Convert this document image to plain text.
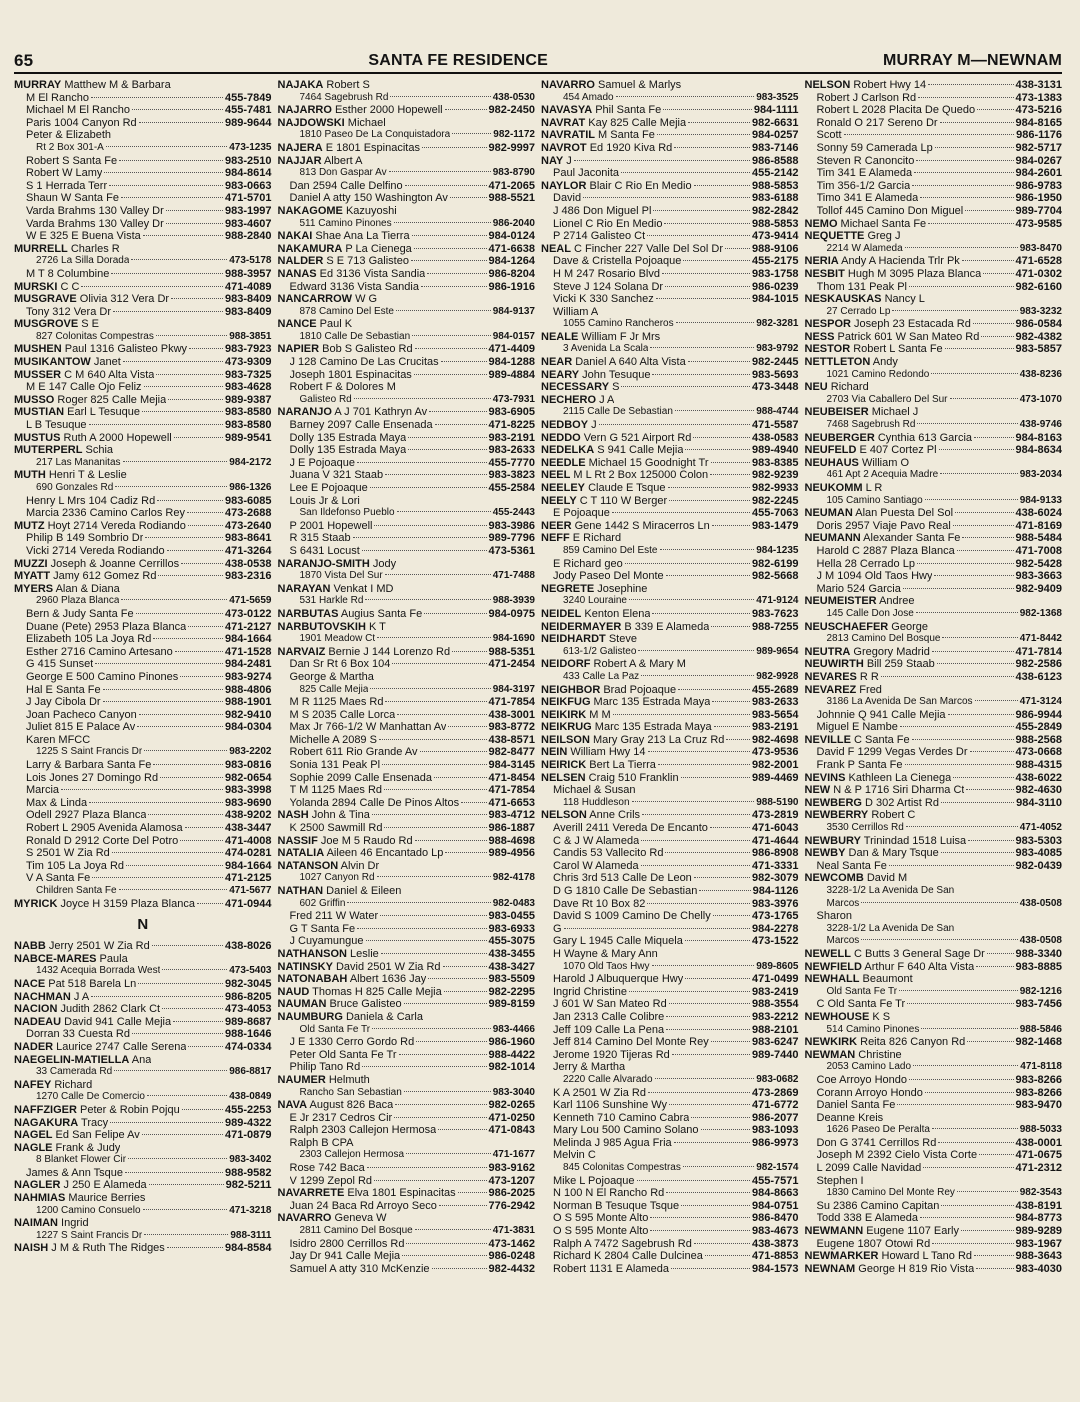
65	SANTA FE RESIDENCE	MURRAY M—NEWNAM
MURRAY Matthew M & Barbara
M El Rancho	455-7849
Michael M El Rancho	455-7481
Paris 1004 Canyon Rd	989-9644
Peter & Elizabeth
Rt 2 Box 301-A	473-1235
Robert S Santa Fe	983-2510
Robert W Lamy	984-8614
S 1 Herrada Terr	983-0663
Shaun W Santa Fe	471-5701
Varda Brahms 130 Valley Dr	983-1997
Varda Brahms 130 Valley Dr	983-4607
W E 325 E Buena Vista	988-2840
MURRELL Charles R
2726 La Silla Dorada	473-5178
M T 8 Columbine	988-3957
MURSKI C C	471-4089
MUSGRAVE Olivia 312 Vera Dr	983-8409
Tony 312 Vera Dr	983-8409
MUSGROVE S E
827 Colonitas Compestras	988-3851
MUSHEN Paul 1316 Galisteo Pkwy	983-7923
MUSIKANTOW Janet	473-9309
MUSSER C M 640 Alta Vista	983-7325
M E 147 Calle Ojo Feliz	983-4628
MUSSO Roger 825 Calle Mejia	989-9387
MUSTIAN Earl L Tesuque	983-8580
L B Tesuque	983-8580
MUSTUS Ruth A 2000 Hopewell	989-9541
MUTERPERL Schia
217 Las Mananitas	984-2172
MUTH Henri T & Leslie
690 Gonzales Rd	986-1326
Henry L Mrs 104 Cadiz Rd	983-6085
Marcia 2336 Camino Carlos Rey	473-2688
MUTZ Hoyt 2714 Vereda Rodiando	473-2640
Philip B 149 Sombrio Dr	983-8641
Vicki 2714 Vereda Rodiando	471-3264
MUZZI Joseph & Joanne Cerrillos	438-0538
MYATT Jamy 612 Gomez Rd	983-2316
MYERS Alan & Diana
2960 Plaza Blanca	471-5659
Bern & Judy Santa Fe	473-0122
Duane (Pete) 2953 Plaza Blanca	471-2127
Elizabeth 105 La Joya Rd	984-1664
Esther 2716 Camino Artesano	471-1528
G 415 Sunset	984-2481
George E 500 Camino Pinones	983-9274
Hal E Santa Fe	988-4806
J Jay Cibola Dr	988-1901
Joan Pacheco Canyon	982-9410
Juliet 815 E Palace Av	984-0304
Karen MFCC
1225 S Saint Francis Dr	983-2202
Larry & Barbara Santa Fe	983-0816
Lois Jones 27 Domingo Rd	982-0654
Marcia	983-3998
Max & Linda	983-9690
Odell 2927 Plaza Blanca	438-9202
Robert L 2905 Avenida Alamosa	438-3447
Ronald D 2912 Corte Del Potro	471-4008
S 2501 W Zia Rd	474-0281
Tim 105 La Joya Rd	984-1664
V A Santa Fe	471-2125
Children Santa Fe	471-5677
MYRICK Joyce H 3159 Plaza Blanca	471-0944
N
NABB Jerry 2501 W Zia Rd	438-8026
NABCE-MARES Paula
1432 Acequia Borrada West	473-5403
NACE Pat 518 Barela Ln	982-3045
NACHMAN J A	986-8205
NACION Judith 2862 Clark Ct	473-4053
NADEAU David 941 Calle Mejia	989-8687
Dorran 33 Cuesta Rd	988-1646
NADER Laurice 2747 Calle Serena	474-0334
NAEGELIN-MATIELLA Ana
33 Camerada Rd	986-8817
NAFEY Richard
1270 Calle De Comercio	438-0849
NAFFZIGER Peter & Robin Pojqu	455-2253
NAGAKURA Tracy	989-4322
NAGEL Ed San Felipe Av	471-0879
NAGLE Frank & Judy
8 Blanket Flower Cir	983-3402
James & Ann Tsque	988-9582
NAGLER J 250 E Alameda	982-5211
NAHMIAS Maurice Berries
1200 Camino Consuelo	471-3218
NAIMAN Ingrid
1227 S Saint Francis Dr	988-3111
NAISH J M & Ruth The Ridges	984-8584
NAJAKA Robert S
7464 Sagebrush Rd	438-0530
NAJARRO Esther 2000 Hopewell	982-2450
NAJDOWSKI Michael
1810 Paseo De La Conquistadora	982-1172
NAJERA E 1801 Espinacitas	982-9997
NAJJAR Albert A
813 Don Gaspar Av	983-8790
Dan 2594 Calle Delfino	471-2065
Daniel A atty 150 Washington Av	988-5521
NAKAGOME Kazuyoshi
511 Camino Pinones	986-2040
NAKAI Shae Ana La Tierra	984-0124
NAKAMURA P La Cienega	471-6638
NALDER S E 713 Galisteo	984-1264
NANAS Ed 3136 Vista Sandia	986-8204
Edward 3136 Vista Sandia	986-1916
NANCARROW W G
878 Camino Del Este	984-9137
NANCE Paul K
1810 Calle De Sebastian	984-0157
NAPIER Bob S Galisteo Rd	471-4409
J 128 Camino De Las Crucitas	984-1288
Joseph 1801 Espinacitas	989-4884
Robert F & Dolores M
Galisteo Rd	473-7931
NARANJO A J 701 Kathryn Av	983-6905
Barney 2097 Calle Ensenada	471-8225
Dolly 135 Estrada Maya	983-2191
Dolly 135 Estrada Maya	983-2633
J E Pojoaque	455-7770
Juana V 321 Staab	983-3823
Lee E Pojoaque	455-2584
Louis Jr & Lori
San Ildefonso Pueblo	455-2443
P 2001 Hopewell	983-3986
R 315 Staab	989-7796
S 6431 Locust	473-5361
NARANJO-SMITH Jody
1870 Vista Del Sur	471-7488
NARAYAN Venkat I MD
531 Harkle Rd	988-3939
NARBUTAS Augius Santa Fe	984-0975
NARBUTOVSKIH K T
1901 Meadow Ct	984-1690
NARVAIZ Bernie J 144 Lorenzo Rd	988-5351
Dan Sr Rt 6 Box 104	471-2454
George & Martha
825 Calle Mejia	984-3197
M R 1125 Maes Rd	471-7854
M S 2035 Calle Lorca	438-3001
Max Jr 766-1/2 W Manhattan Av	983-8772
Michelle A 2089 S	438-8571
Robert 611 Rio Grande Av	982-8477
Sonia 131 Peak Pl	984-3145
Sophie 2099 Calle Ensenada	471-8454
T M 1125 Maes Rd	471-7854
Yolanda 2894 Calle De Pinos Altos	471-6653
NASH John & Tina	983-4712
K 2500 Sawmill Rd	986-1887
NASSIF Joe M 5 Raudo Rd	988-4698
NATALIA Aileen 46 Encantado Lp	989-4956
NATANSON Alvin Dr
1027 Canyon Rd	982-4178
NATHAN Daniel & Eileen
602 Griffin	982-0483
Fred 211 W Water	983-0455
G T Santa Fe	983-6933
J Cuyamungue	455-3075
NATHANSON Leslie	438-3455
NATINSKY David 2501 W Zia Rd	438-3427
NATONABAH Albert 1636 Jay	983-5509
NAUD Thomas H 825 Calle Mejia	982-2295
NAUMAN Bruce Galisteo	989-8159
NAUMBURG Daniela & Carla
Old Santa Fe Tr	983-4466
J E 1330 Cerro Gordo Rd	986-1960
Peter Old Santa Fe Tr	988-4422
Philip Tano Rd	982-1014
NAUMER Helmuth
Rancho San Sebastian	983-3040
NAVA August 826 Baca	982-0265
E Jr 2317 Cedros Cir	471-0250
Ralph 2303 Callejon Hermosa	471-0843
Ralph B CPA
2303 Callejon Hermosa	471-1677
Rose 742 Baca	983-9162
V 1299 Zepol Rd	473-1207
NAVARRETE Elva 1801 Espinacitas	986-2025
Juan 24 Baca Rd Arroyo Seco	776-2942
NAVARRO Geneva W
2811 Camino Del Bosque	471-3831
Isidro 2800 Cerrillos Rd	473-1462
Jay Dr 941 Calle Mejia	986-0248
Samuel A atty 310 McKenzie	982-4432
NAVARRO Samuel & Marlys
454 Amado	983-3525
NAVASYA Phil Santa Fe	984-1111
NAVRAT Kay 825 Calle Mejia	982-6631
NAVRATIL M Santa Fe	984-0257
NAVROT Ed 1920 Kiva Rd	983-7146
NAY J	986-8588
Paul Jaconita	455-2142
NAYLOR Blair C Rio En Medio	988-5853
David	983-6188
J 486 Don Miguel Pl	982-2842
Lionel C Rio En Medio	988-5853
P 2714 Galisteo Ct	473-9414
NEAL C Fincher 227 Valle Del Sol Dr	988-9106
Dave & Cristella Pojoaque	455-2175
H M 247 Rosario Blvd	983-1758
Steve J 124 Solana Dr	986-0239
Vicki K 330 Sanchez	984-1015
William A
1055 Camino Rancheros	982-3281
NEALE William F Jr Mrs
3 Avenida La Scala	983-9792
NEAR Daniel A 640 Alta Vista	982-2445
NEARY John Tesuque	983-5693
NECESSARY S	473-3448
NECHERO J A
2115 Calle De Sebastian	988-4744
NEDBOY J	471-5587
NEDDO Vern G 521 Airport Rd	438-0583
NEDELKA S 941 Calle Mejia	989-4940
NEEDLE Michael 15 Goodnight Tr	983-8385
NEEL M L Rt 2 Box 125000 Colon	982-9239
NEELEY Claude E Tsque	982-9933
NEELY C T 110 W Berger	982-2245
E Pojoaque	455-7063
NEER Gene 1442 S Miracerros Ln	983-1479
NEFF E Richard
859 Camino Del Este	984-1235
E Richard geo	982-6199
Jody Paseo Del Monte	982-5668
NEGRETE Josephine
3240 Louraine	471-9124
NEIDEL Kenton Elena	983-7623
NEIDERMAYER B 339 E Alameda	988-7255
NEIDHARDT Steve
613-1/2 Galisteo	989-9654
NEIDORF Robert A & Mary M
433 Calle La Paz	982-9928
NEIGHBOR Brad Pojoaque	455-2689
NEIKFUG Marc 135 Estrada Maya	983-2633
NEIKIRK M M	983-5654
NEIKRUG Marc 135 Estrada Maya	983-2191
NEILSON Mary Gray 213 La Cruz Rd	982-4698
NEIN William Hwy 14	473-9536
NEIRICK Bert La Tierra	982-2001
NELSEN Craig 510 Franklin	989-4469
Michael & Susan
118 Huddleson	988-5190
NELSON Anne Crils	473-2819
Averill 2411 Vereda De Encanto	471-6043
C & J W Alameda	471-4644
Candis 53 Vallecito Rd	986-8908
Carol W Alameda	471-3331
Chris 3rd 513 Calle De Leon	982-3079
D G 1810 Calle De Sebastian	984-1126
Dave Rt 10 Box 82	983-3976
David S 1009 Camino De Chelly	473-1765
G	984-2278
Gary L 1945 Calle Miquela	473-1522
H Wayne & Mary Ann
1070 Old Taos Hwy	989-8605
Harold J Albuquerque Hwy	471-0499
Ingrid Christine	983-2419
J 601 W San Mateo Rd	988-3554
Jan 2313 Calle Colibre	983-2212
Jeff 109 Calle La Pena	988-2101
Jeff 814 Camino Del Monte Rey	983-6247
Jerome 1920 Tijeras Rd	989-7440
Jerry & Martha
2220 Calle Alvarado	983-0682
K A 2501 W Zia Rd	473-2869
Karl 1106 Sunshine Wy	471-6772
Kenneth 710 Camino Cabra	986-2077
Mary Lou 500 Camino Solano	983-1093
Melinda J 985 Agua Fria	986-9973
Melvin C
845 Colonitas Compestras	982-1574
Mike L Pojoaque	455-7571
N 100 N El Rancho Rd	984-8663
Norman B Tesuque Tsque	984-0751
O S 595 Monte Alto	986-8470
O S 595 Monte Alto	983-4673
Ralph A 7472 Sagebrush Rd	438-3873
Richard K 2804 Calle Dulcinea	471-8853
Robert 1131 E Alameda	984-1573
NELSON Robert Hwy 14	438-3131
Robert J Carlson Rd	473-1383
Robert L 2028 Placita De Quedo	473-5216
Ronald O 217 Sereno Dr	984-8165
Scott	986-1176
Sonny 59 Camerada Lp	982-5717
Steven R Canoncito	984-0267
Tim 341 E Alameda	984-2601
Tim 356-1/2 Garcia	986-9783
Timo 341 E Alameda	986-1950
Tollof 445 Camino Don Miguel	989-7704
NEMO Michael Santa Fe	473-9585
NEQUETTE Greg J
2214 W Alameda	983-8470
NERIA Andy A Hacienda Trlr Pk	471-6528
NESBIT Hugh M 3095 Plaza Blanca	471-0302
Thom 131 Peak Pl	982-6160
NESKAUSKAS Nancy L
27 Cerrado Lp	983-3232
NESPOR Joseph 23 Estacada Rd	986-0584
NESS Patrick 601 W San Mateo Rd	982-4382
NESTOR Robert L Santa Fe	983-5857
NETTLETON Andy
1021 Camino Redondo	438-8236
NEU Richard
2703 Via Caballero Del Sur	473-1070
NEUBEISER Michael J
7468 Sagebrush Rd	438-9746
NEUBERGER Cynthia 613 Garcia	984-8163
NEUFELD E 407 Cortez Pl	984-8634
NEUHAUS William O
461 Apt 2 Acequia Madre	983-2034
NEUKOMM L R
105 Camino Santiago	984-9133
NEUMAN Alan Puesta Del Sol	438-6024
Doris 2957 Viaje Pavo Real	471-8169
NEUMANN Alexander Santa Fe	988-5484
Harold C 2887 Plaza Blanca	471-7008
Hella 28 Cerrado Lp	982-5428
J M 1094 Old Taos Hwy	983-3663
Mario 524 Garcia	982-9409
NEUMEISTER Andree
145 Calle Don Jose	982-1368
NEUSCHAEFER George
2813 Camino Del Bosque	471-8442
NEUTRA Gregory Madrid	471-7814
NEUWIRTH Bill 259 Staab	982-2586
NEVARES R R	438-6123
NEVAREZ Fred
3186 La Avenida De San Marcos	471-3124
Johnnie Q 941 Calle Mejia	986-9944
Miguel E Nambe	455-2849
NEVILLE C Santa Fe	988-2568
David F 1299 Vegas Verdes Dr	473-0668
Frank P Santa Fe	988-4315
NEVINS Kathleen La Cienega	438-6022
NEW N & P 1716 Siri Dharma Ct	982-4630
NEWBERG D 302 Artist Rd	984-3110
NEWBERRY Robert C
3530 Cerrillos Rd	471-4052
NEWBURY Trinindad 1518 Luisa	983-5303
NEWBY Dan & Mary Tsque	983-4085
Neal Santa Fe	982-0439
NEWCOMB David M
3228-1/2 La Avenida De San
Marcos	438-0508
Sharon
3228-1/2 La Avenida De San
Marcos	438-0508
NEWELL C Butts 3 General Sage Dr	988-3340
NEWFIELD Arthur F 640 Alta Vista	983-8885
NEWHALL Beaumont
Old Santa Fe Tr	982-1216
C Old Santa Fe Tr	983-7456
NEWHOUSE K S
514 Camino Pinones	988-5846
NEWKIRK Reita 826 Canyon Rd	982-1468
NEWMAN Christine
2053 Camino Lado	471-8118
Coe Arroyo Hondo	983-8266
Corann Arroyo Hondo	983-8266
Daniel Santa Fe	983-9470
Deanne Kreis
1626 Paseo De Peralta	988-5033
Don G 3741 Cerrillos Rd	438-0001
Joseph M 2392 Cielo Vista Corte	471-0675
L 2099 Calle Navidad	471-2312
Stephen I
1830 Camino Del Monte Rey	982-3543
Su 2386 Camino Capitan	438-8191
Todd 338 E Alameda	984-8773
NEWMANN Eugene 1107 Early	989-9289
Eugene 1807 Otowi Rd	983-1967
NEWMARKER Howard L Tano Rd	988-3643
NEWNAM George H 819 Rio Vista	983-4030
